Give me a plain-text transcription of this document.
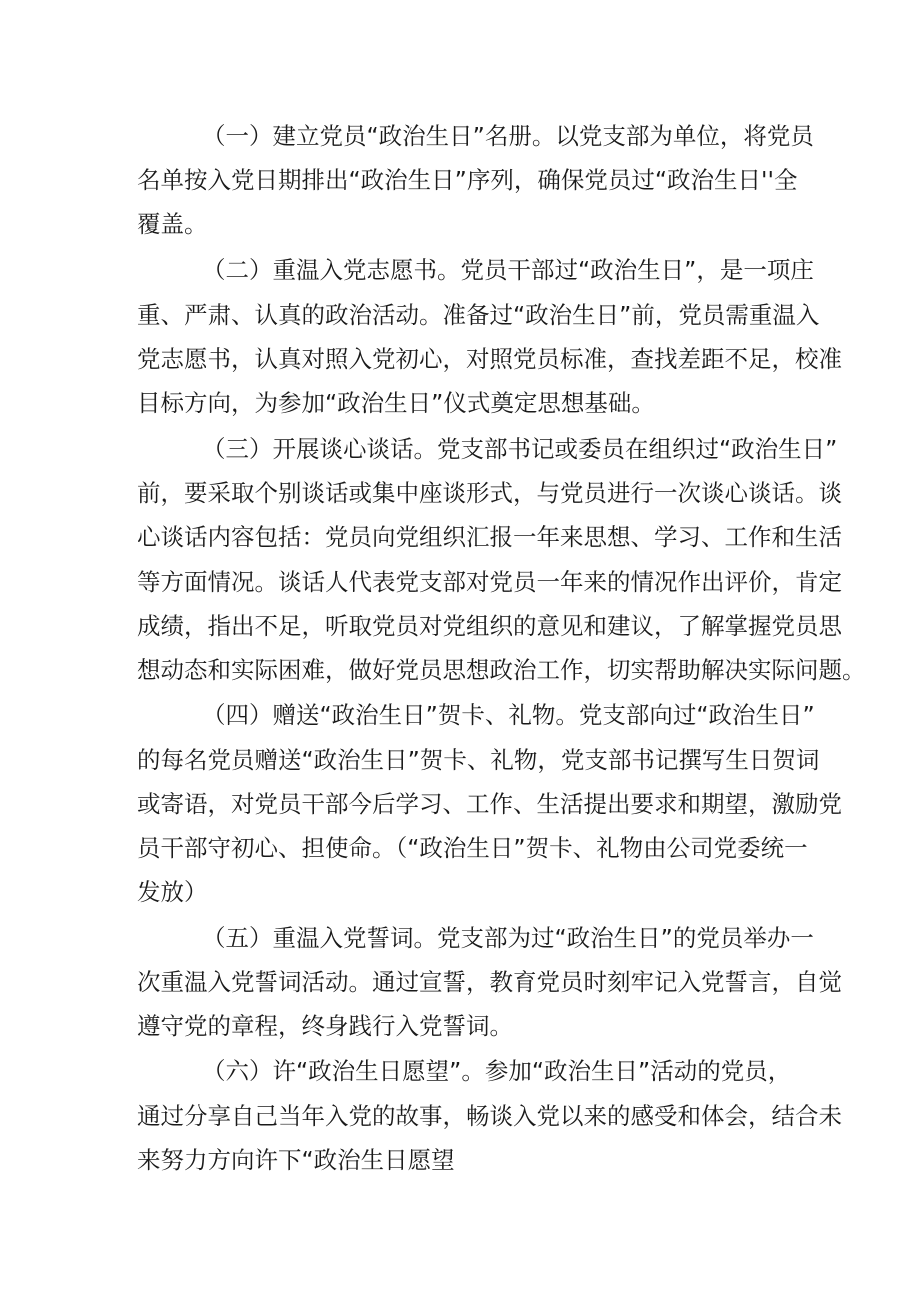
（一）建立党员“政治生日”名册。以党支部为单位，将党员
名单按入党日期排出“政治生日”序列，确保党员过“政治生日''全
覆盖。
（二）重温入党志愿书。党员干部过“政治生日”，是一项庄
重、严肃、认真的政治活动。准备过“政治生日”前，党员需重温入
党志愿书，认真对照入党初心，对照党员标准，查找差距不足，校准
目标方向，为参加“政治生日”仪式奠定思想基础。
（三）开展谈心谈话。党支部书记或委员在组织过“政治生日”
前，要采取个别谈话或集中座谈形式，与党员进行一次谈心谈话。谈
心谈话内容包括：党员向党组织汇报一年来思想、学习、工作和生活
等方面情况。谈话人代表党支部对党员一年来的情况作出评价，肯定
成绩，指出不足，听取党员对党组织的意见和建议，了解掌握党员思
想动态和实际困难，做好党员思想政治工作，切实帮助解决实际问题。
（四）赠送“政治生日”贺卡、礼物。党支部向过“政治生日”
的每名党员赠送“政治生日”贺卡、礼物，党支部书记撰写生日贺词
或寄语，对党员干部今后学习、工作、生活提出要求和期望，激励党
员干部守初心、担使命。（“政治生日”贺卡、礼物由公司党委统一
发放）
（五）重温入党誓词。党支部为过“政治生日”的党员举办一
次重温入党誓词活动。通过宣誓，教育党员时刻牢记入党誓言，自觉
遵守党的章程，终身践行入党誓词。
（六）许“政治生日愿望”。参加“政治生日”活动的党员，
通过分享自己当年入党的故事，畅谈入党以来的感受和体会，结合未
来努力方向许下“政治生日愿望
